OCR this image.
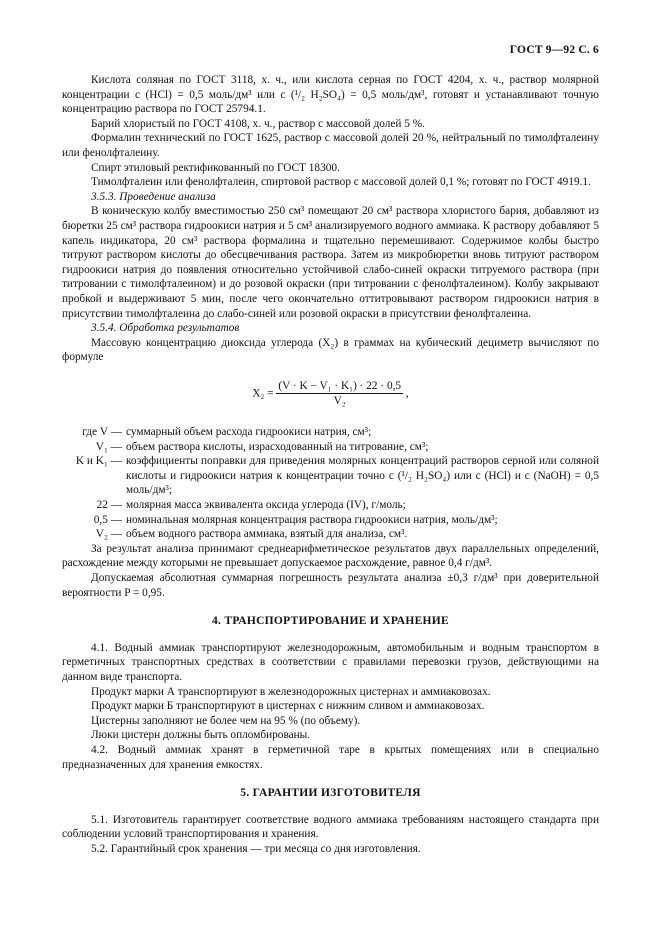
ГОСТ 9—92 С. 6

Кислота соляная по ГОСТ 3118, х. ч., или кислота серная по ГОСТ 4204, х. ч., раствор молярной концентрации c (HCl) = 0,5 моль/дм³ или c (¹/₂ H₂SO₄) = 0,5 моль/дм³, готовят и устанавливают точную концентрацию раствора по ГОСТ 25794.1.

Барий хлористый по ГОСТ 4108, х. ч., раствор с массовой долей 5 %.

Формалин технический по ГОСТ 1625, раствор с массовой долей 20 %, нейтральный по тимолфталеину или фенолфталеину.

Спирт этиловый ректификованный по ГОСТ 18300.

Тимолфталеин или фенолфталеин, спиртовой раствор с массовой долей 0,1 %; готовят по ГОСТ 4919.1.

3.5.3. Проведение анализа

В коническую колбу вместимостью 250 см³ помещают 20 см³ раствора хлористого бария, добавляют из бюретки 25 см³ раствора гидроокиси натрия и 5 см³ анализируемого водного аммиака. К раствору добавляют 5 капель индикатора, 20 см³ раствора формалина и тщательно перемешивают. Содержимое колбы быстро титруют раствором кислоты до обесцвечивания раствора. Затем из микробюретки вновь титруют раствором гидроокиси натрия до появления относительно устойчивой слабо-синей окраски титруемого раствора (при титровании с тимолфталеином) и до розовой окраски (при титровании с фенолфталеином). Колбу закрывают пробкой и выдерживают 5 мин, после чего окончательно оттитровывают раствором гидроокиси натрия в присутствии тимолфталеина до слабо-синей или розовой окраски в присутствии фенолфталеина.

3.5.4. Обработка результатов

Массовую концентрацию диоксида углерода (X₂) в граммах на кубический дециметр вычисляют по формуле

$X_2 = \frac{\text{(V · K − V₁ · K₁) · 22 · 0,5}}{\text{V₂}}$ ,
где V — суммарный объем расхода гидроокиси натрия, см³;
V₁ — объем раствора кислоты, израсходованный на титрование, см³;
K и K₁ — коэффициенты поправки для приведения молярных концентраций растворов серной или соляной кислоты и гидроокиси натрия к концентрации точно c (¹/₂ H₂SO₄) или c (HCl) и c (NaOH) = 0,5 моль/дм³;
22 — молярная масса эквивалента оксида углерода (IV), г/моль;
0,5 — номинальная молярная концентрация раствора гидроокиси натрия, моль/дм³;
V₂ — объем водного раствора аммиака, взятый для анализа, см³.

За результат анализа принимают среднеарифметическое результатов двух параллельных определений, расхождение между которыми не превышает допускаемое расхождение, равное 0,4 г/дм³.

Допускаемая абсолютная суммарная погрешность результата анализа ±0,3 г/дм³ при доверительной вероятности P = 0,95.

4. ТРАНСПОРТИРОВАНИЕ И ХРАНЕНИЕ

4.1. Водный аммиак транспортируют железнодорожным, автомобильным и водным транспортом в герметичных транспортных средствах в соответствии с правилами перевозки грузов, действующими на данном виде транспорта.

Продукт марки А транспортируют в железнодорожных цистернах и аммиаковозах.

Продукт марки Б транспортируют в цистернах с нижним сливом и аммиаковозах.

Цистерны заполняют не более чем на 95 % (по объему).

Люки цистерн должны быть опломбированы.

4.2. Водный аммиак хранят в герметичной таре в крытых помещениях или в специально предназначенных для хранения емкостях.

5. ГАРАНТИИ ИЗГОТОВИТЕЛЯ

5.1. Изготовитель гарантирует соответствие водного аммиака требованиям настоящего стандарта при соблюдении условий транспортирования и хранения.

5.2. Гарантийный срок хранения — три месяца со дня изготовления.
